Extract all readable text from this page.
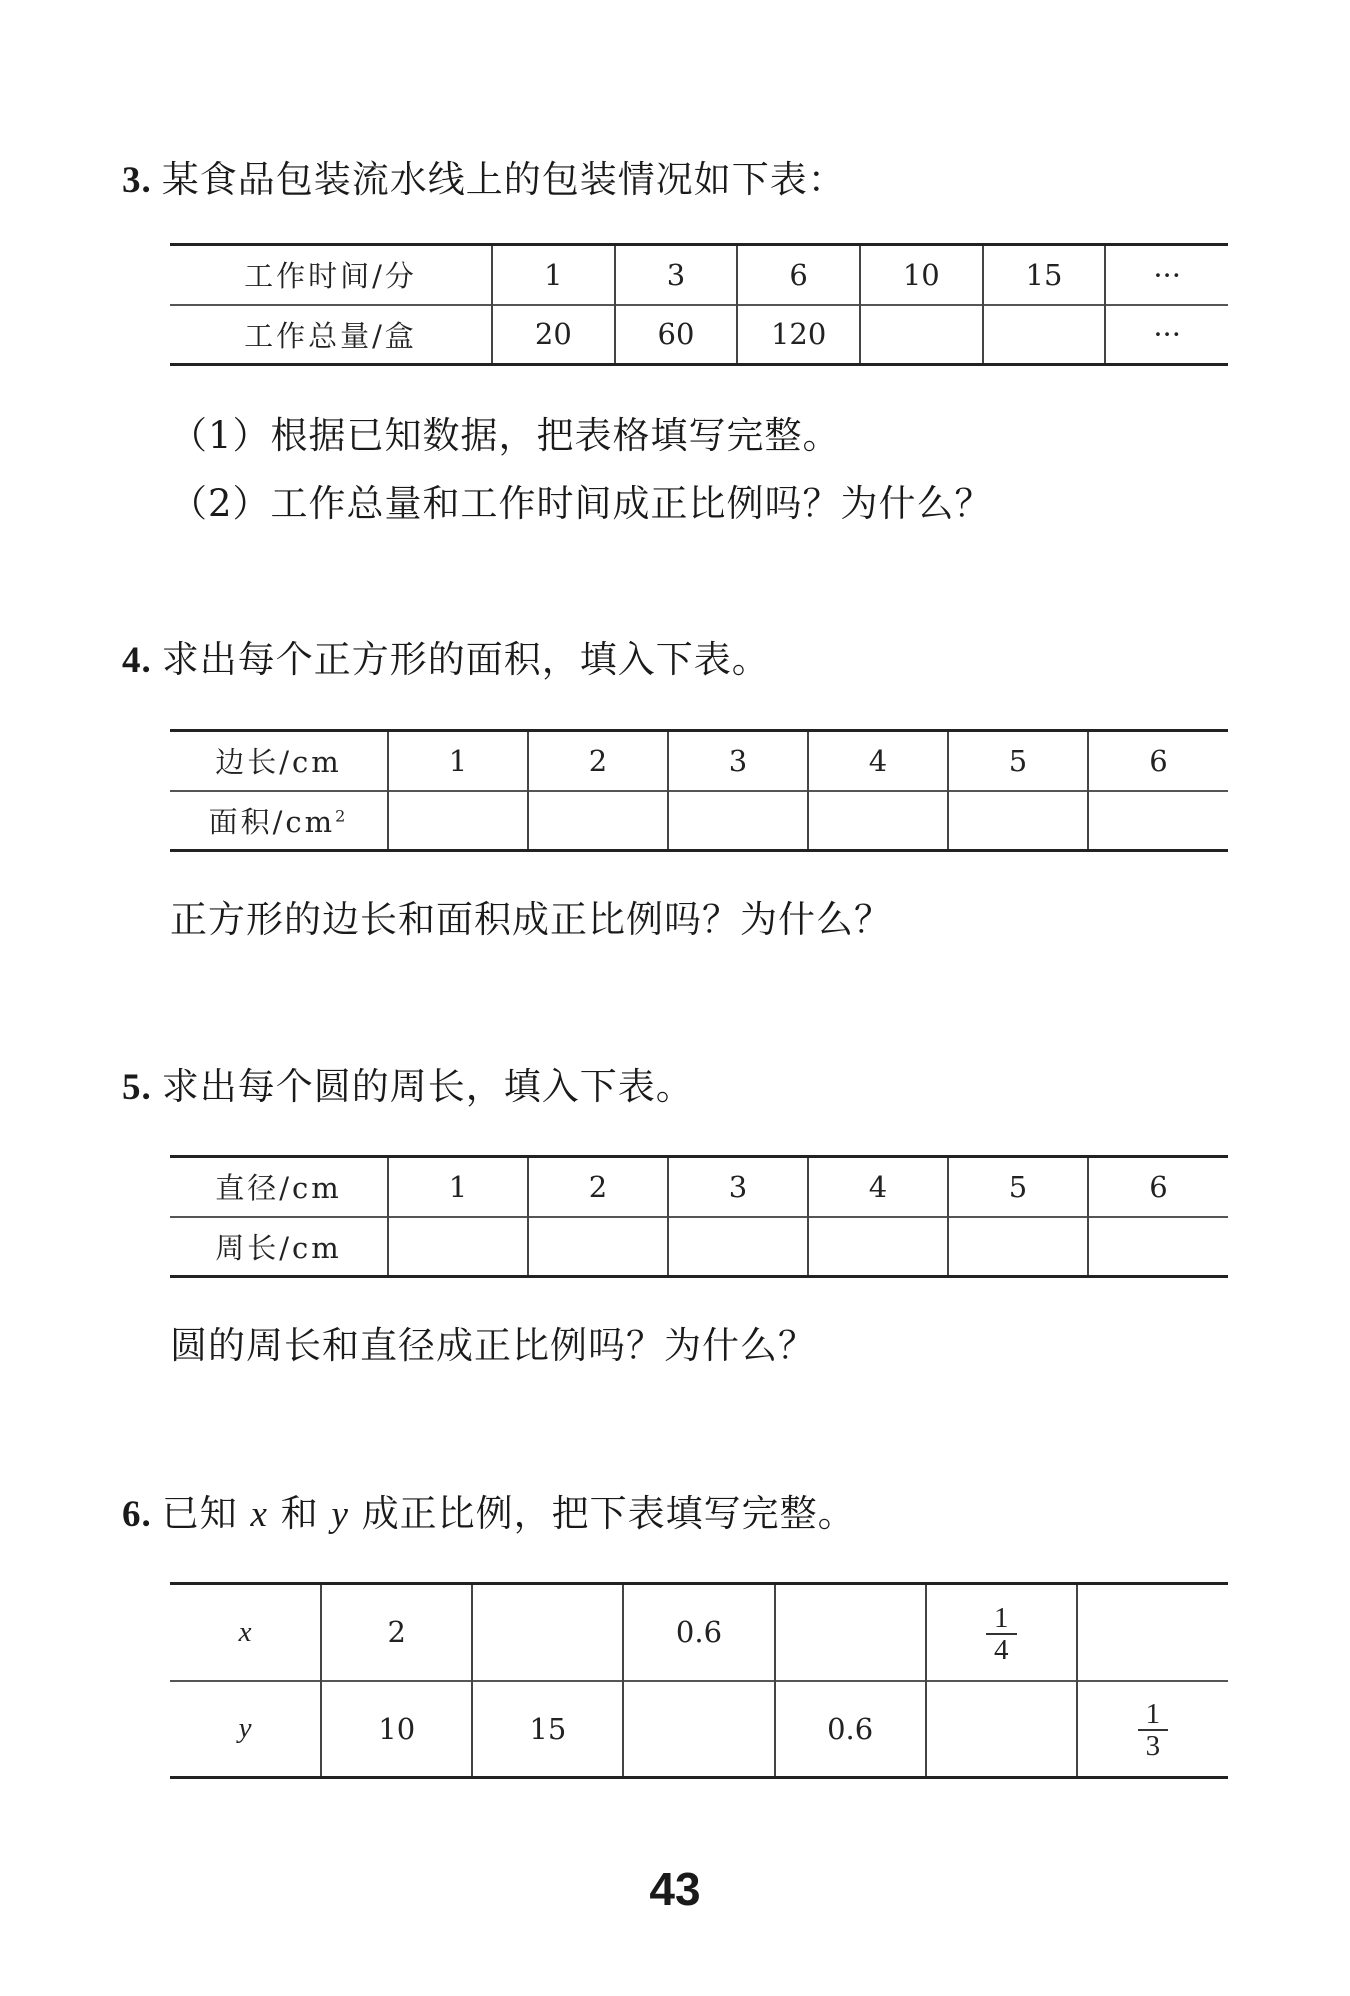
3. 某食品包装流水线上的包装情况如下表：
工作时间/分	1	3	6	10	15	···
工作总量/盒	20	60	120			···
（1）根据已知数据，把表格填写完整。
（2）工作总量和工作时间成正比例吗？为什么？
4. 求出每个正方形的面积，填入下表。
边长/cm	1	2	3	4	5	6
面积$/cm^2$						
正方形的边长和面积成正比例吗？为什么？
5. 求出每个圆的周长，填入下表。
直径/cm	1	2	3	4	5	6
周长/cm						
圆的周长和直径成正比例吗？为什么？
6. 已知 x 和 y 成正比例，把下表填写完整。
x	2		0.6		$\frac{1}{4}$

y	10	15		0.6		$\frac{1}{3}$
43
